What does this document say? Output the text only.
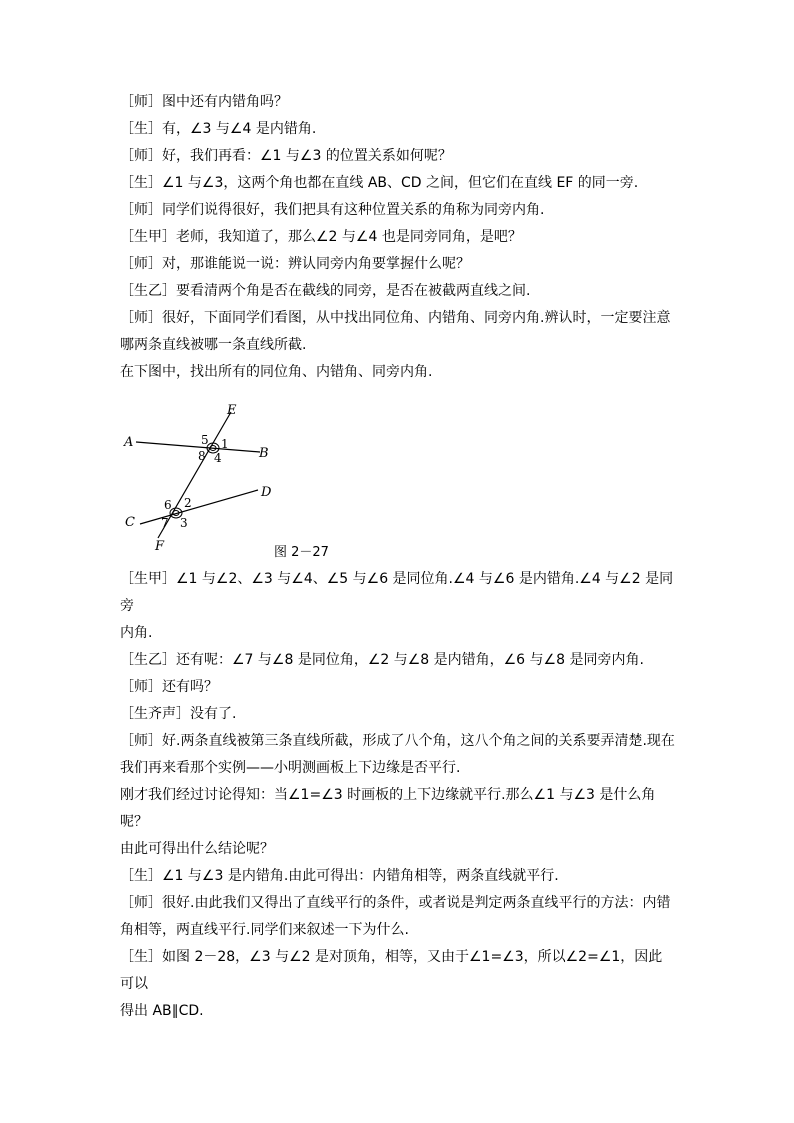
［师］图中还有内错角吗？
［生］有，∠3 与∠4 是内错角.
［师］好，我们再看：∠1 与∠3 的位置关系如何呢？
［生］∠1 与∠3，这两个角也都在直线 AB、CD 之间，但它们在直线 EF 的同一旁.
［师］同学们说得很好，我们把具有这种位置关系的角称为同旁内角.
［生甲］老师，我知道了，那么∠2 与∠4 也是同旁同角，是吧？
［师］对，那谁能说一说：辨认同旁内角要掌握什么呢？
［生乙］要看清两个角是否在截线的同旁，是否在被截两直线之间.
［师］很好，下面同学们看图，从中找出同位角、内错角、同旁内角.辨认时，一定要注意
哪两条直线被哪一条直线所截.
在下图中，找出所有的同位角、内错角、同旁内角.
E
A
B
D
C
F
5 1
8 4
6 2
7 3

图 2－27

［生甲］∠1 与∠2、∠3 与∠4、∠5 与∠6 是同位角.∠4 与∠6 是内错角.∠4 与∠2 是同旁
内角.
［生乙］还有呢：∠7 与∠8 是同位角，∠2 与∠8 是内错角，∠6 与∠8 是同旁内角.
［师］还有吗？
［生齐声］没有了.
［师］好.两条直线被第三条直线所截，形成了八个角，这八个角之间的关系要弄清楚.现在
我们再来看那个实例——小明测画板上下边缘是否平行.
刚才我们经过讨论得知：当∠1=∠3 时画板的上下边缘就平行.那么∠1 与∠3 是什么角呢？
由此可得出什么结论呢？
［生］∠1 与∠3 是内错角.由此可得出：内错角相等，两条直线就平行.
［师］很好.由此我们又得出了直线平行的条件，或者说是判定两条直线平行的方法：内错
角相等，两直线平行.同学们来叙述一下为什么.
［生］如图 2－28，∠3 与∠2 是对顶角，相等，又由于∠1=∠3，所以∠2=∠1，因此可以
得出 AB∥CD.
